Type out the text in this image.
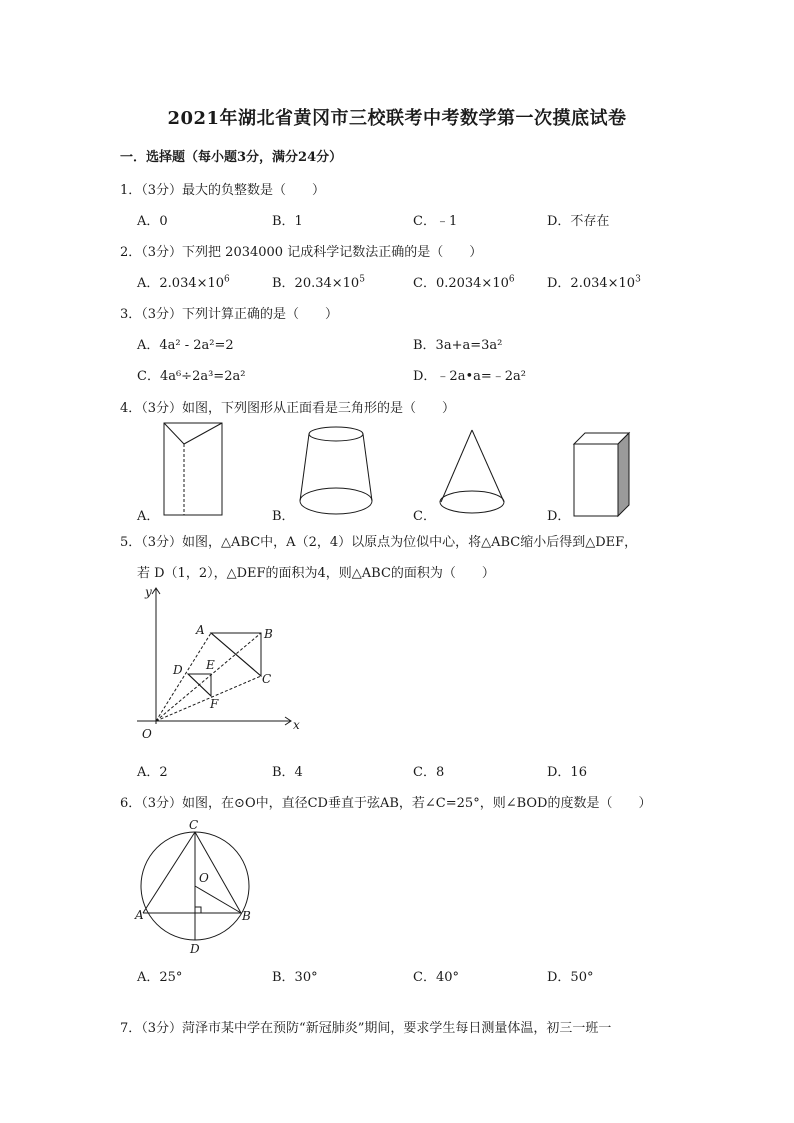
2021年湖北省黄冈市三校联考中考数学第一次摸底试卷
一．选择题（每小题3分，满分24分）
1．（3分）最大的负整数是（　　）
A．0	B．1	C．﹣1	D．不存在
2．（3分）下列把 2034000 记成科学记数法正确的是（　　）
A．$2.034\times 10^6$	B．$20.34\times 10^5$	C．$0.2034\times 10^6$ D．$2.034\times 10^3$
3．（3分）下列计算正确的是（　　）
A．4a² - 2a²=2	B．3a+a=3a²
C．4a⁶÷2a³=2a²	D．﹣2a•a=﹣2a²
4．（3分）如图，下列图形从正面看是三角形的是（　　）
A．	B．	C．	D．
5．（3分）如图，△ABC中，A（2，4）以原点为位似中心，将△ABC缩小后得到△DEF，
若 D（1，2），△DEF的面积为4，则△ABC的面积为（　　）
y
x
O
A	B
C
D E
F
A．2	B．4	C．8	D．16
6．（3分）如图，在⊙O中，直径CD垂直于弦AB，若∠C=25°，则∠BOD的度数是（　　）
C
O
A	B
D
A．25°	B．30°	C．40°	D．50°
7．（3分）菏泽市某中学在预防“新冠肺炎”期间，要求学生每日测量体温，初三一班一
